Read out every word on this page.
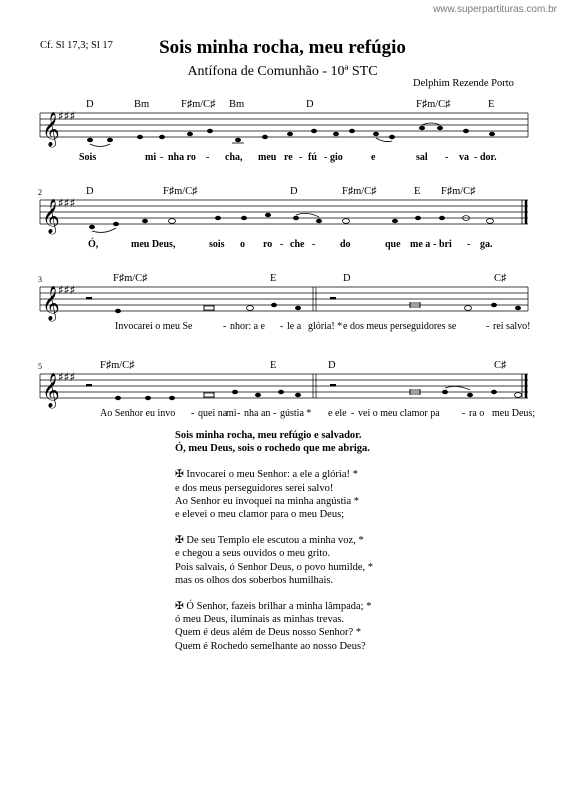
www.superpartituras.com.br
Cf. Sl 17,3; Sl 17	Sois minha rocha, meu refúgio
Antífona de Comunhão - 10ª STC
Delphim Rezende Porto
𝄞
♯♯♯
D	Bm	F♯m/C♯ Bm	D	F♯m/C♯	E
Sois	mi - nha ro - cha, meu re - fú - gio	e	sal - va - dor.
2
𝄞
♯♯♯
D	F♯m/C♯	D	F♯m/C♯	E F♯m/C♯
Ó,	meu Deus,	sois o ro - che - do	que me a - bri - ga.
3
𝄞
♯♯♯
F♯m/C♯	E	D	C♯
Invocarei o meu Se	- nhor: a e - le a glória! * e dos meus perseguidores se	- rei salvo!
5
𝄞
♯♯♯
F♯m/C♯	E	D	C♯
Ao Senhor eu invo - quei na
mi - nha an - gústia * e ele - vei o meu clamor pa - ra o meu Deus;
Sois minha rocha, meu refúgio e salvador.
Ó, meu Deus, sois o rochedo que me abriga.
✠ Invocarei o meu Senhor: a ele a glória! *
e dos meus perseguidores serei salvo!
Ao Senhor eu invoquei na minha angústia *
e elevei o meu clamor para o meu Deus;
✠ De seu Templo ele escutou a minha voz, *
e chegou a seus ouvidos o meu grito.
Pois salvais, ó Senhor Deus, o povo humilde, *
mas os olhos dos soberbos humilhais.
✠ Ó Senhor, fazeis brilhar a minha lâmpada; *
ó meu Deus, iluminais as minhas trevas.
Quem é deus além de Deus nosso Senhor? *
Quem é Rochedo semelhante ao nosso Deus?
